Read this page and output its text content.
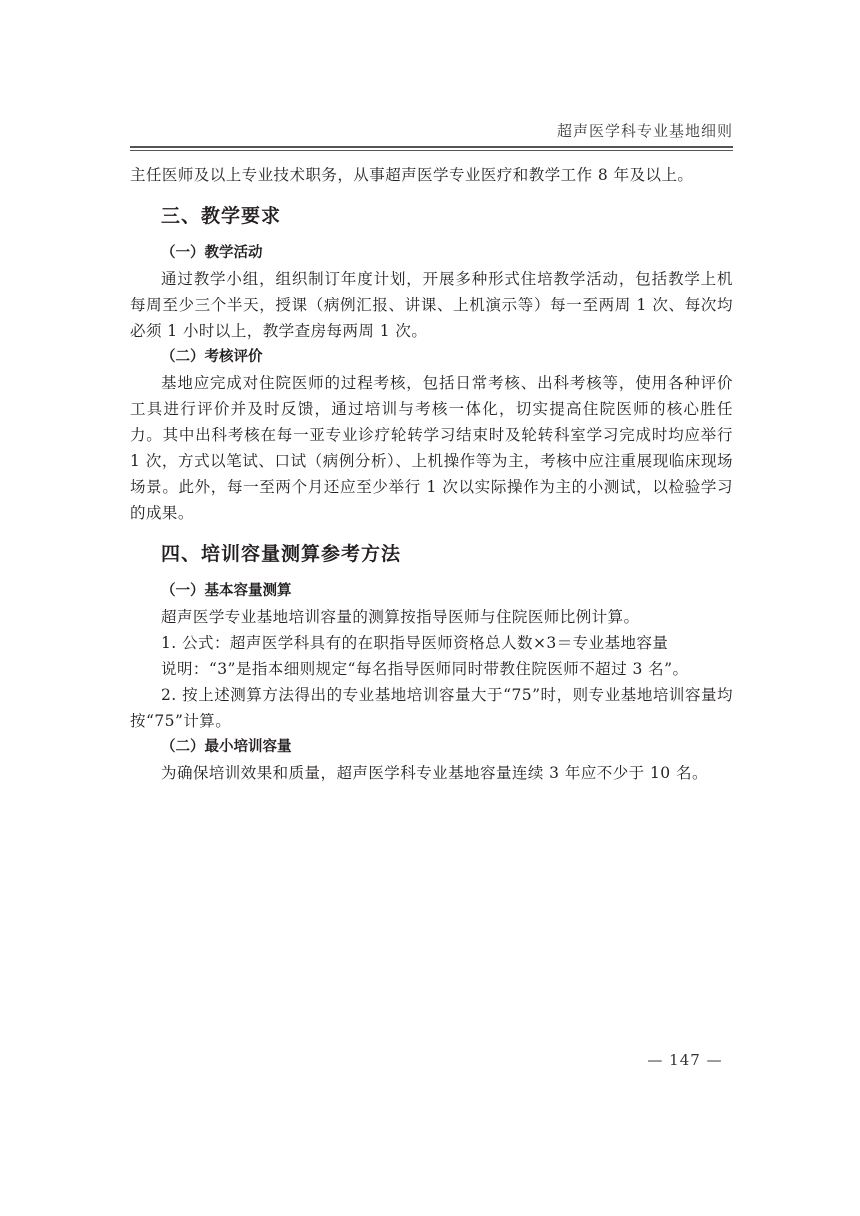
超声医学科专业基地细则

主任医师及以上专业技术职务，从事超声医学专业医疗和教学工作 8 年及以上。

三、教学要求
（一）教学活动

通过教学小组，组织制订年度计划，开展多种形式住培教学活动，包括教学上机每周至少三个半天，授课（病例汇报、讲课、上机演示等）每一至两周 1 次、每次均必须 1 小时以上，教学查房每两周 1 次。

（二）考核评价

基地应完成对住院医师的过程考核，包括日常考核、出科考核等，使用各种评价工具进行评价并及时反馈，通过培训与考核一体化，切实提高住院医师的核心胜任力。其中出科考核在每一亚专业诊疗轮转学习结束时及轮转科室学习完成时均应举行 1 次，方式以笔试、口试（病例分析）、上机操作等为主，考核中应注重展现临床现场场景。此外，每一至两个月还应至少举行 1 次以实际操作为主的小测试，以检验学习的成果。

四、培训容量测算参考方法
（一）基本容量测算

超声医学专业基地培训容量的测算按指导医师与住院医师比例计算。

1. 公式：超声医学科具有的在职指导医师资格总人数×3＝专业基地容量

说明：“3”是指本细则规定“每名指导医师同时带教住院医师不超过 3 名”。

2. 按上述测算方法得出的专业基地培训容量大于“75”时，则专业基地培训容量均按“75”计算。

（二）最小培训容量

为确保培训效果和质量，超声医学科专业基地容量连续 3 年应不少于 10 名。

— 147 —
